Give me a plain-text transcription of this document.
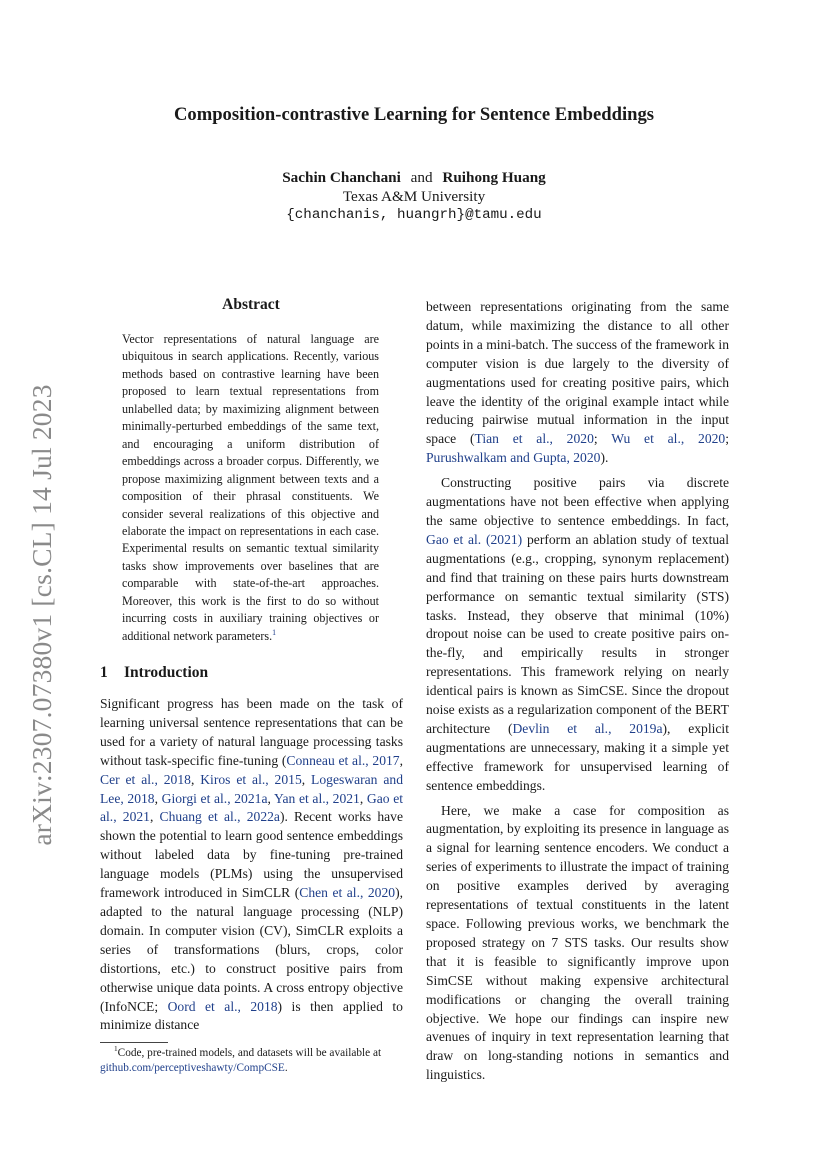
arXiv:2307.07380v1 [cs.CL] 14 Jul 2023
Composition-contrastive Learning for Sentence Embeddings
Sachin Chanchani and Ruihong Huang
Texas A&M University
{chanchanis, huangrh}@tamu.edu
Abstract

Vector representations of natural language are ubiquitous in search applications. Recently, various methods based on contrastive learning have been proposed to learn textual representations from unlabelled data; by maximizing alignment between minimally-perturbed embeddings of the same text, and encouraging a uniform distribution of embeddings across a broader corpus. Differently, we propose maximizing alignment between texts and a composition of their phrasal constituents. We consider several realizations of this objective and elaborate the impact on representations in each case. Experimental results on semantic textual similarity tasks show improvements over baselines that are comparable with state-of-the-art approaches. Moreover, this work is the first to do so without incurring costs in auxiliary training objectives or additional network parameters.$^1$

1 Introduction

Significant progress has been made on the task of learning universal sentence representations that can be used for a variety of natural language processing tasks without task-specific fine-tuning (Conneau et al., 2017, Cer et al., 2018, Kiros et al., 2015, Logeswaran and Lee, 2018, Giorgi et al., 2021a, Yan et al., 2021, Gao et al., 2021, Chuang et al., 2022a). Recent works have shown the potential to learn good sentence embeddings without labeled data by fine-tuning pre-trained language models (PLMs) using the unsupervised framework introduced in SimCLR (Chen et al., 2020), adapted to the natural language processing (NLP) domain. In computer vision (CV), SimCLR exploits a series of transformations (blurs, crops, color distortions, etc.) to construct positive pairs from otherwise unique data points. A cross entropy objective (InfoNCE; Oord et al., 2018) is then applied to minimize distance

between representations originating from the same datum, while maximizing the distance to all other points in a mini-batch. The success of the framework in computer vision is due largely to the diversity of augmentations used for creating positive pairs, which leave the identity of the original example intact while reducing pairwise mutual information in the input space (Tian et al., 2020; Wu et al., 2020; Purushwalkam and Gupta, 2020).

Constructing positive pairs via discrete augmentations have not been effective when applying the same objective to sentence embeddings. In fact, Gao et al. (2021) perform an ablation study of textual augmentations (e.g., cropping, synonym replacement) and find that training on these pairs hurts downstream performance on semantic textual similarity (STS) tasks. Instead, they observe that minimal (10%) dropout noise can be used to create positive pairs on-the-fly, and empirically results in stronger representations. This framework relying on nearly identical pairs is known as SimCSE. Since the dropout noise exists as a regularization component of the BERT architecture (Devlin et al., 2019a), explicit augmentations are unnecessary, making it a simple yet effective framework for unsupervised learning of sentence embeddings.

Here, we make a case for composition as augmentation, by exploiting its presence in language as a signal for learning sentence encoders. We conduct a series of experiments to illustrate the impact of training on positive examples derived by averaging representations of textual constituents in the latent space. Following previous works, we benchmark the proposed strategy on 7 STS tasks. Our results show that it is feasible to significantly improve upon SimCSE without making expensive architectural modifications or changing the overall training objective. We hope our findings can inspire new avenues of inquiry in text representation learning that draw on long-standing notions in semantics and linguistics.

$^1$Code, pre-trained models, and datasets will be available at github.com/perceptiveshawty/CompCSE.
